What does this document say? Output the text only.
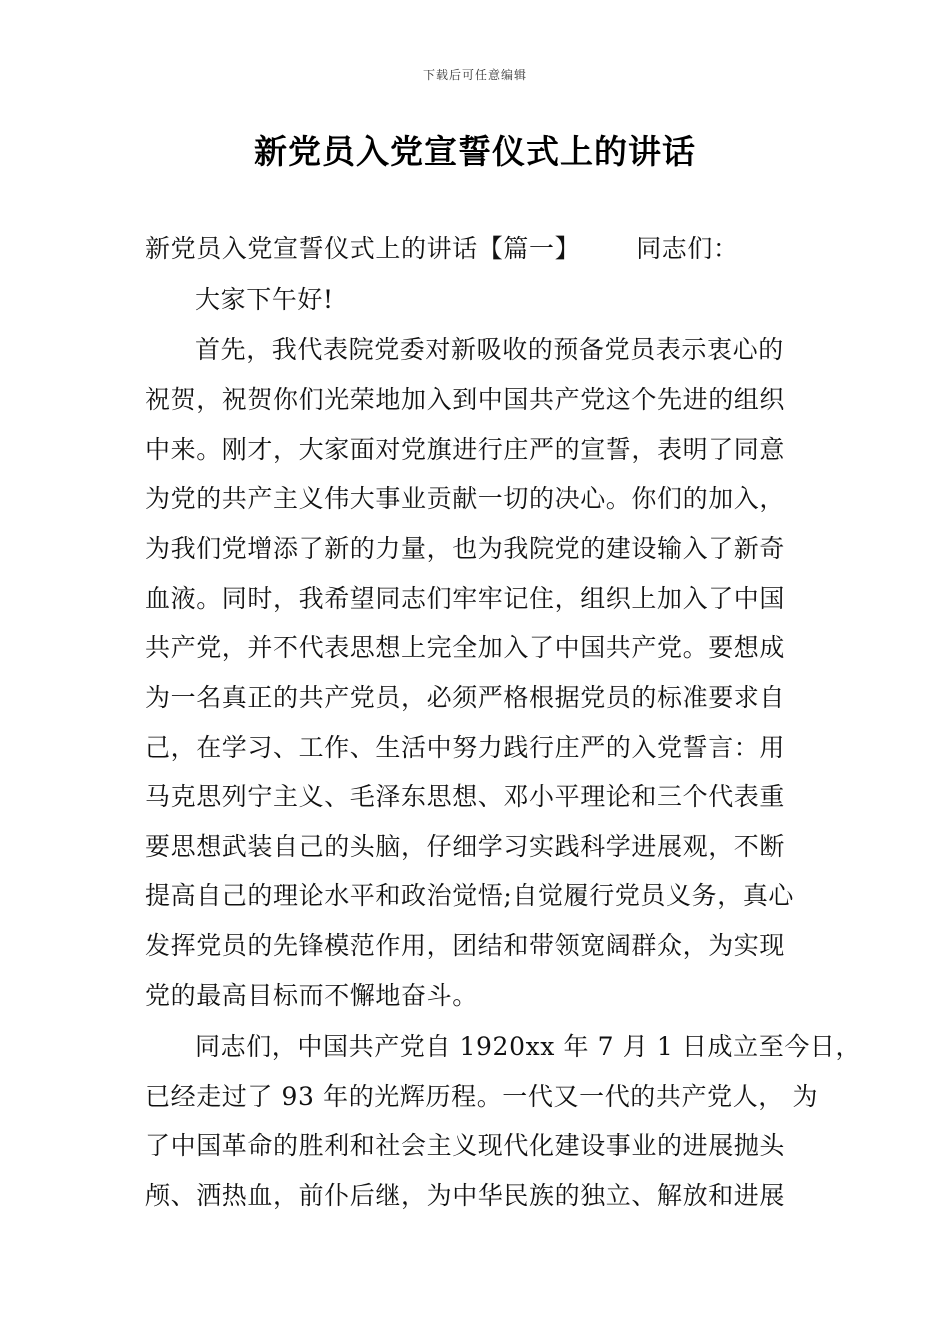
下载后可任意编辑
新党员入党宣誓仪式上的讲话
新党员入党宣誓仪式上的讲话【篇一】 同志们：
大家下午好!
首先，我代表院党委对新吸收的预备党员表示衷心的
祝贺，祝贺你们光荣地加入到中国共产党这个先进的组织
中来。刚才，大家面对党旗进行庄严的宣誓，表明了同意
为党的共产主义伟大事业贡献一切的决心。你们的加入，
为我们党增添了新的力量，也为我院党的建设输入了新奇
血液。同时，我希望同志们牢牢记住，组织上加入了中国
共产党，并不代表思想上完全加入了中国共产党。要想成
为一名真正的共产党员，必须严格根据党员的标准要求自
己，在学习、工作、生活中努力践行庄严的入党誓言：用
马克思列宁主义、毛泽东思想、邓小平理论和三个代表重
要思想武装自己的头脑，仔细学习实践科学进展观，不断
提高自己的理论水平和政治觉悟;自觉履行党员义务，真心
发挥党员的先锋模范作用，团结和带领宽阔群众，为实现
党的最高目标而不懈地奋斗。
同志们，中国共产党自 1920xx 年 7 月 1 日成立至今日，
已经走过了 93 年的光辉历程。一代又一代的共产党人， 为
了中国革命的胜利和社会主义现代化建设事业的进展抛头
颅、洒热血，前仆后继，为中华民族的独立、解放和进展
